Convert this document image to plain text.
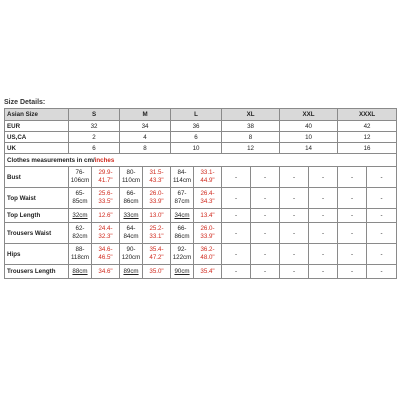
Size Details:
Asian Size	S		M		L		XL		XXL		XXXL	
EUR	32		34		36		38		40		42	
US,CA	2		4		6		8		10		12	
UK	6		8		10		12		14		16	
Clothes measurements in cm/inches												
Bust	76-106cm	29.9-41.7"	80-110cm	31.5-43.3"	84-114cm	33.1-44.9"	-	-	-	-	-	-
Top Waist	65-85cm	25.6-33.5"	66-86cm	26.0-33.9"	67-87cm	26.4-34.3"	-	-	-	-	-	-
Top Length	32cm	12.6"	33cm	13.0"	34cm	13.4"	-	-	-	-	-	-
Trousers Waist	62-82cm	24.4-32.3"	64-84cm	25.2-33.1"	66-86cm	26.0-33.9"	-	-	-	-	-	-
Hips	88-118cm	34.6-46.5"	90-120cm	35.4-47.2"	92-122cm	36.2-48.0"	-	-	-	-	-	-
Trousers Length	88cm	34.6"	89cm	35.0"	90cm	35.4"	-	-	-	-	-	-
